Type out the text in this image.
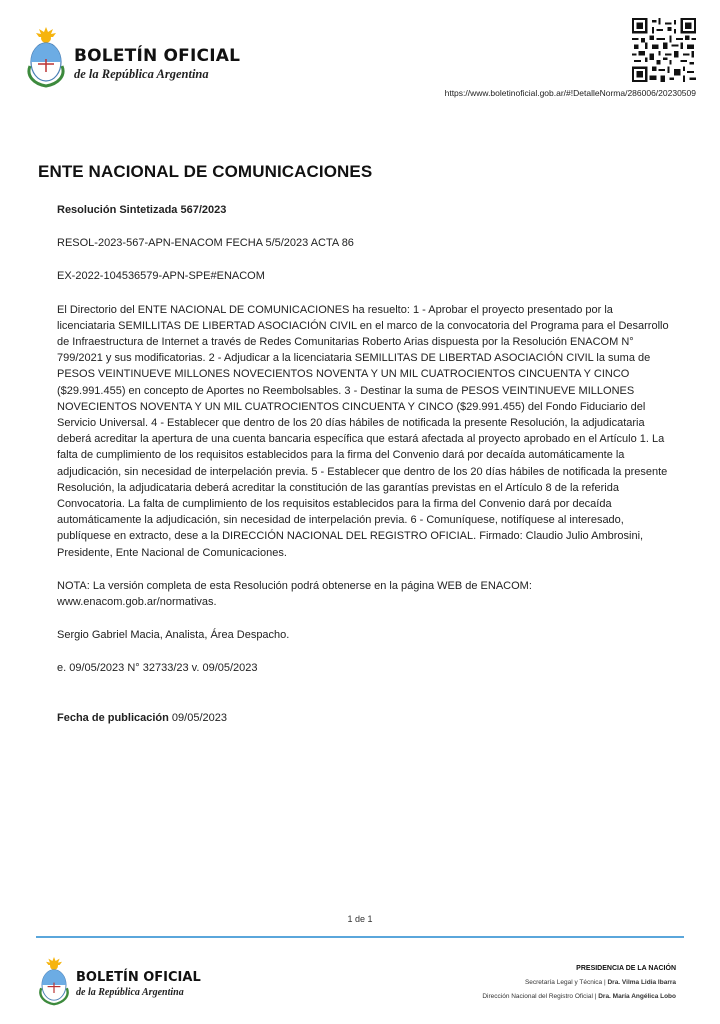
BOLETÍN OFICIAL
de la República Argentina
https://www.boletinoficial.gob.ar/#!DetalleNorma/286006/20230509
ENTE NACIONAL DE COMUNICACIONES

Resolución Sintetizada 567/2023

RESOL-2023-567-APN-ENACOM FECHA 5/5/2023 ACTA 86

EX-2022-104536579-APN-SPE#ENACOM

El Directorio del ENTE NACIONAL DE COMUNICACIONES ha resuelto: 1 - Aprobar el proyecto presentado por la licenciataria SEMILLITAS DE LIBERTAD ASOCIACIÓN CIVIL en el marco de la convocatoria del Programa para el Desarrollo de Infraestructura de Internet a través de Redes Comunitarias Roberto Arias dispuesta por la Resolución ENACOM N° 799/2021 y sus modificatorias. 2 - Adjudicar a la licenciataria SEMILLITAS DE LIBERTAD ASOCIACIÓN CIVIL la suma de PESOS VEINTINUEVE MILLONES NOVECIENTOS NOVENTA Y UN MIL CUATROCIENTOS CINCUENTA Y CINCO ($29.991.455) en concepto de Aportes no Reembolsables. 3 - Destinar la suma de PESOS VEINTINUEVE MILLONES NOVECIENTOS NOVENTA Y UN MIL CUATROCIENTOS CINCUENTA Y CINCO ($29.991.455) del Fondo Fiduciario del Servicio Universal. 4 - Establecer que dentro de los 20 días hábiles de notificada la presente Resolución, la adjudicataria deberá acreditar la apertura de una cuenta bancaria específica que estará afectada al proyecto aprobado en el Artículo 1. La falta de cumplimiento de los requisitos establecidos para la firma del Convenio dará por decaída automáticamente la adjudicación, sin necesidad de interpelación previa. 5 - Establecer que dentro de los 20 días hábiles de notificada la presente Resolución, la adjudicataria deberá acreditar la constitución de las garantías previstas en el Artículo 8 de la referida Convocatoria. La falta de cumplimiento de los requisitos establecidos para la firma del Convenio dará por decaída automáticamente la adjudicación, sin necesidad de interpelación previa. 6 - Comuníquese, notifíquese al interesado, publíquese en extracto, dese a la DIRECCIÓN NACIONAL DEL REGISTRO OFICIAL. Firmado: Claudio Julio Ambrosini, Presidente, Ente Nacional de Comunicaciones.

NOTA: La versión completa de esta Resolución podrá obtenerse en la página WEB de ENACOM: www.enacom.gob.ar/normativas.

Sergio Gabriel Macia, Analista, Área Despacho.

e. 09/05/2023 N° 32733/23 v. 09/05/2023

Fecha de publicación 09/05/2023

1 de 1
BOLETÍN OFICIAL
de la República Argentina
PRESIDENCIA DE LA NACIÓN
Secretaría Legal y Técnica | Dra. Vilma Lidia Ibarra
Dirección Nacional del Registro Oficial | Dra. María Angélica Lobo
